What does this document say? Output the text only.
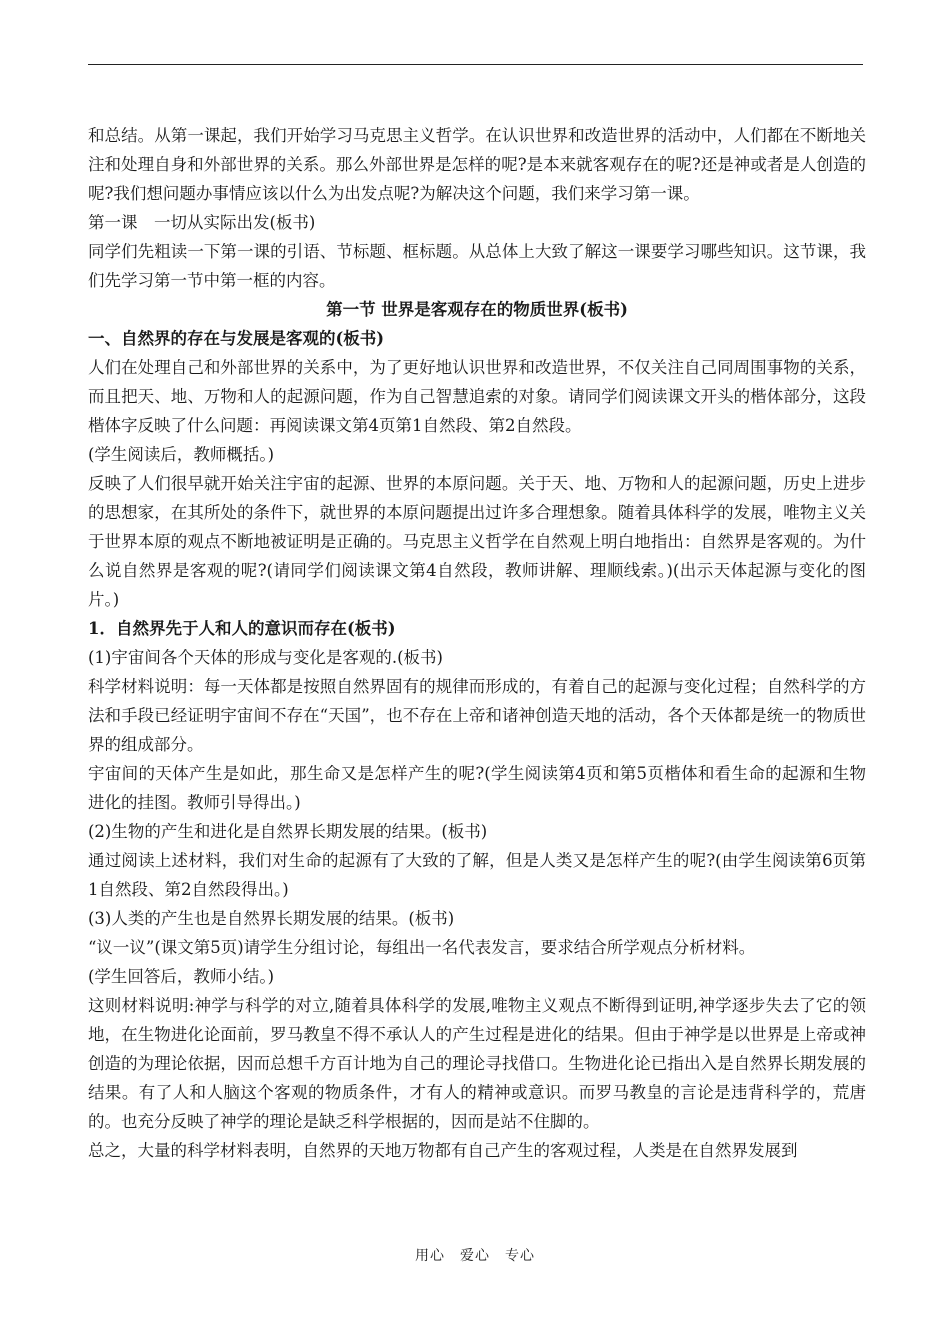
和总结。从第一课起，我们开始学习马克思主义哲学。在认识世界和改造世界的活动中，人们都在不断地关注和处理自身和外部世界的关系。那么外部世界是怎样的呢?是本来就客观存在的呢?还是神或者是人创造的呢?我们想问题办事情应该以什么为出发点呢?为解决这个问题，我们来学习第一课。

第一课　一切从实际出发(板书)

同学们先粗读一下第一课的引语、节标题、框标题。从总体上大致了解这一课要学习哪些知识。这节课，我们先学习第一节中第一框的内容。

第一节 世界是客观存在的物质世界(板书)

一、自然界的存在与发展是客观的(板书)

人们在处理自己和外部世界的关系中，为了更好地认识世界和改造世界，不仅关注自己同周围事物的关系，而且把天、地、万物和人的起源问题，作为自己智慧追索的对象。请同学们阅读课文开头的楷体部分，这段楷体字反映了什么问题：再阅读课文第4页第1自然段、第2自然段。

(学生阅读后，教师概括。)

反映了人们很早就开始关注宇宙的起源、世界的本原问题。关于天、地、万物和人的起源问题，历史上进步的思想家，在其所处的条件下，就世界的本原问题提出过许多合理想象。随着具体科学的发展，唯物主义关于世界本原的观点不断地被证明是正确的。马克思主义哲学在自然观上明白地指出：自然界是客观的。为什么说自然界是客观的呢?(请同学们阅读课文第4自然段，教师讲解、理顺线索。)(出示天体起源与变化的图片。)

1．自然界先于人和人的意识而存在(板书)

(1)宇宙间各个天体的形成与变化是客观的.(板书)

科学材料说明：每一天体都是按照自然界固有的规律而形成的，有着自己的起源与变化过程；自然科学的方法和手段已经证明宇宙间不存在“天国”，也不存在上帝和诸神创造天地的活动，各个天体都是统一的物质世界的组成部分。

宇宙间的天体产生是如此，那生命又是怎样产生的呢?(学生阅读第4页和第5页楷体和看生命的起源和生物进化的挂图。教师引导得出。)

(2)生物的产生和进化是自然界长期发展的结果。(板书)

通过阅读上述材料，我们对生命的起源有了大致的了解，但是人类又是怎样产生的呢?(由学生阅读第6页第 1自然段、第2自然段得出。)

(3)人类的产生也是自然界长期发展的结果。(板书)

“议一议”(课文第5页)请学生分组讨论，每组出一名代表发言，要求结合所学观点分析材料。

(学生回答后，教师小结。)

这则材料说明:神学与科学的对立,随着具体科学的发展,唯物主义观点不断得到证明,神学逐步失去了它的领地，在生物进化论面前，罗马教皇不得不承认人的产生过程是进化的结果。但由于神学是以世界是上帝或神创造的为理论依据，因而总想千方百计地为自己的理论寻找借口。生物进化论已指出入是自然界长期发展的结果。有了人和人脑这个客观的物质条件，才有人的精神或意识。而罗马教皇的言论是违背科学的，荒唐的。也充分反映了神学的理论是缺乏科学根据的，因而是站不住脚的。

总之，大量的科学材料表明，自然界的天地万物都有自己产生的客观过程，人类是在自然界发展到

用心　爱心　专心
